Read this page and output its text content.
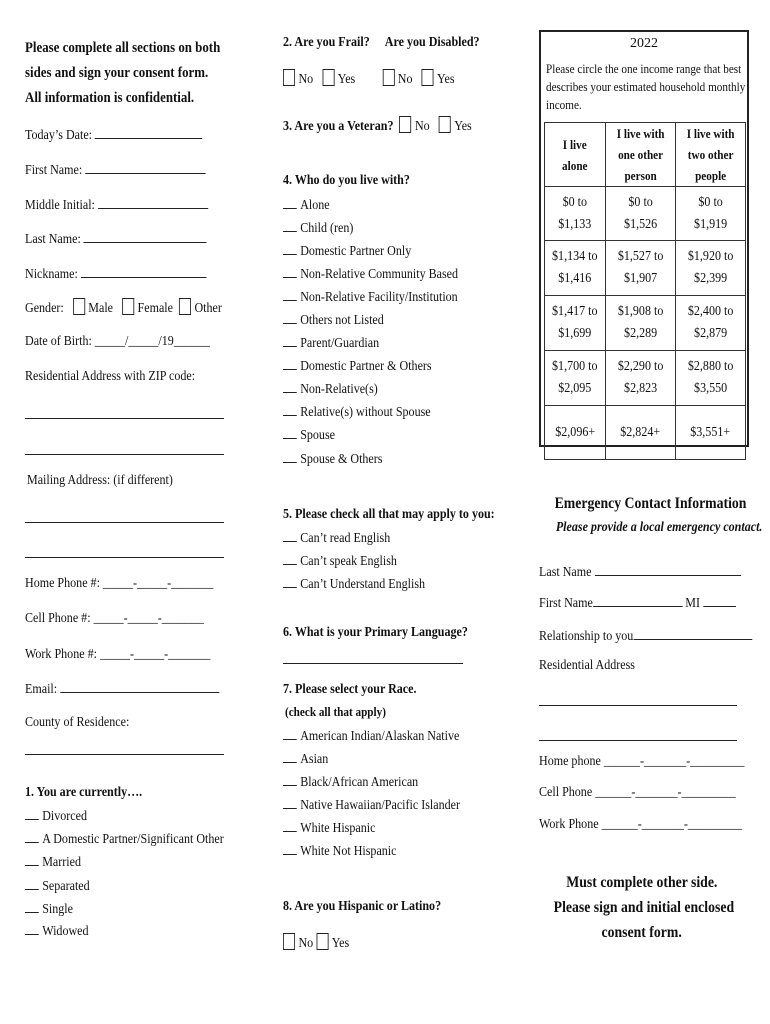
Please complete all sections on both
sides and sign your consent form.
All information is confidential.
Today’s Date:
First Name:
Middle Initial:
Last Name:
Nickname:
Gender: Male Female Other
Date of Birth: _____/_____/19______
Residential Address with ZIP code:
Mailing Address: (if different)
Home Phone #: _____-_____-_______
Cell Phone #: _____-_____-_______
Work Phone #: _____-_____-_______
Email:
County of Residence:
1. You are currently….
Divorced
A Domestic Partner/Significant Other
Married
Separated
Single
Widowed
2. Are you Frail? Are you Disabled?
No Yes	No Yes
3. Are you a Veteran? No Yes
4. Who do you live with?
Alone
Child (ren)
Domestic Partner Only
Non-Relative Community Based
Non-Relative Facility/Institution
Others not Listed
Parent/Guardian
Domestic Partner & Others
Non-Relative(s)
Relative(s) without Spouse
Spouse
Spouse & Others
5. Please check all that may apply to you:
Can’t read English
Can’t speak English
Can’t Understand English
6. What is your Primary Language?
7. Please select your Race.
(check all that apply)
American Indian/Alaskan Native
Asian
Black/African American
Native Hawaiian/Pacific Islander
White Hispanic
White Not Hispanic
8. Are you Hispanic or Latino?
No Yes
2022
Please circle the one income range that best describes your estimated household monthly income.
I live alone	I live with one other person	I live with two other people
$0 to $1,133	$0 to $1,526	$0 to $1,919
$1,134 to $1,416	$1,527 to $1,907	$1,920 to $2,399
$1,417 to $1,699	$1,908 to $2,289	$2,400 to $2,879
$1,700 to $2,095	$2,290 to $2,823	$2,880 to $3,550
$2,096+	$2,824+	$3,551+
Emergency Contact Information
Please provide a local emergency contact.
Last Name
First Name	MI
Relationship to you
Residential Address
Home phone ______-_______-_________
Cell Phone ______-_______-_________
Work Phone ______-_______-_________
Must complete other side.
Please sign and initial enclosed
consent form.
